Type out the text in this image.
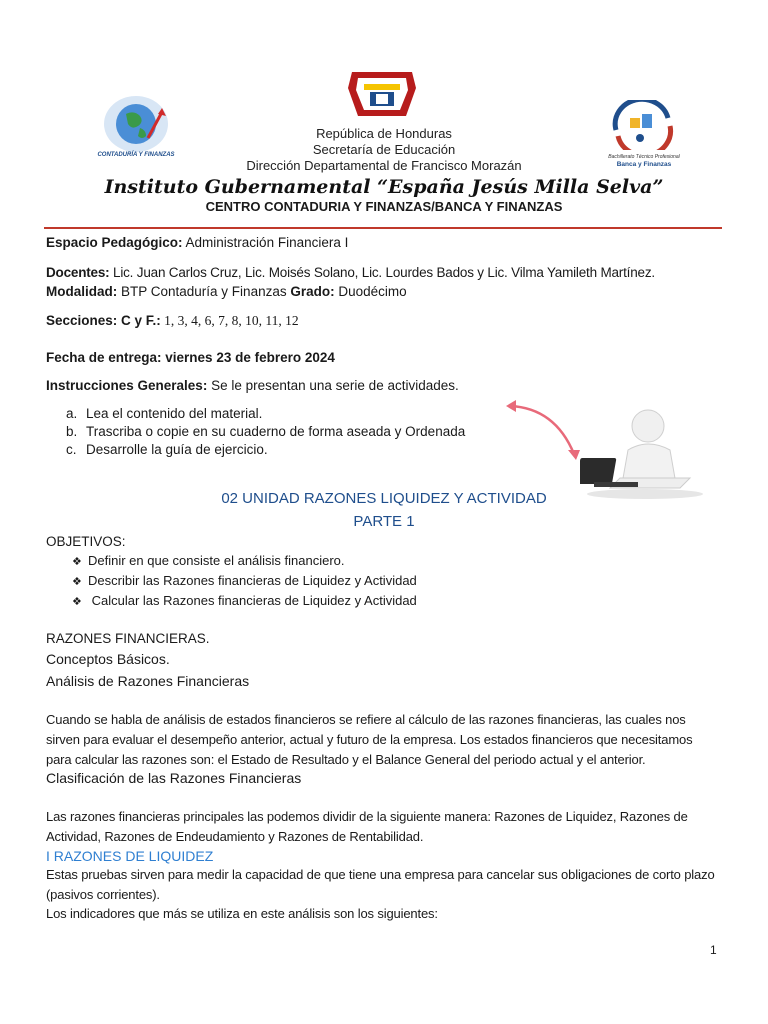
CONTADURÍA Y FINANZAS
INSTITUTO ESPAÑA
Bachillerato Técnico Profesional
Banca y Finanzas
República de Honduras
Secretaría de Educación
Dirección Departamental de Francisco Morazán
Instituto Gubernamental “España Jesús Milla Selva”
CENTRO CONTADURIA Y FINANZAS/BANCA Y FINANZAS
Espacio Pedagógico: Administración Financiera I
Docentes: Lic. Juan Carlos Cruz, Lic. Moisés Solano, Lic. Lourdes Bados y Lic. Vilma Yamileth Martínez.
Modalidad: BTP Contaduría y Finanzas Grado: Duodécimo
Secciones: C y F.: 1, 3, 4, 6, 7, 8, 10, 11, 12
Fecha de entrega: viernes 23 de febrero 2024
Instrucciones Generales: Se le presentan una serie de actividades.
a. Lea el contenido del material.
b. Trascriba o copie en su cuaderno de forma aseada y Ordenada
c. Desarrolle la guía de ejercicio.
02 UNIDAD RAZONES LIQUIDEZ Y ACTIVIDAD
PARTE 1
OBJETIVOS:
❖ Definir en que consiste el análisis financiero.
❖ Describir las Razones financieras de Liquidez y Actividad
❖ Calcular las Razones financieras de Liquidez y Actividad
RAZONES FINANCIERAS.
Conceptos Básicos.
Análisis de Razones Financieras
Cuando se habla de análisis de estados financieros se refiere al cálculo de las razones financieras, las cuales nos sirven para evaluar el desempeño anterior, actual y futuro de la empresa. Los estados financieros que necesitamos para calcular las razones son: el Estado de Resultado y el Balance General del periodo actual y el anterior.
Clasificación de las Razones Financieras
Las razones financieras principales las podemos dividir de la siguiente manera: Razones de Liquidez, Razones de Actividad, Razones de Endeudamiento y Razones de Rentabilidad.
I RAZONES DE LIQUIDEZ
Estas pruebas sirven para medir la capacidad de que tiene una empresa para cancelar sus obligaciones de corto plazo (pasivos corrientes).
Los indicadores que más se utiliza en este análisis son los siguientes:
1
